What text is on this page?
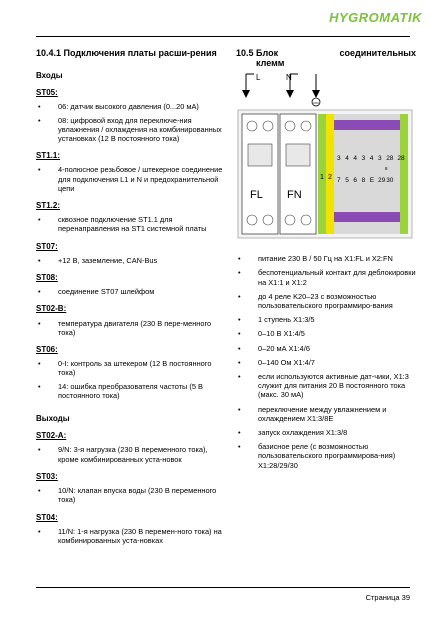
HYGROMATIK
10.4.1 Подключения платы расши-рения
Входы
ST05:
• 06: датчик высокого давления (0...20 мА)
• 08: цифровой вход для переключе-ния увлажнения / охлаждения на комбинированных установках (12 В постоянного тока)
ST1.1:
• 4-полюсное резьбовое / штекерное соединение для подключения L1 и N и предохранительной цепи
ST1.2:
• сквозное подключение ST1.1 для перенаправления на ST1 системной платы
ST07:
• +12 В, заземление, CAN-Bus
ST08:
• соединение ST07 шлейфом
ST02-B:
• температура двигателя (230 В пере-менного тока)
ST06:
• 0-I: контроль за штекером (12 В постоянного тока)
• 14: ошибка преобразователя частоты (5 В постоянного тока)
Выходы
ST02-A:
• 9/N: 3-я нагрузка (230 В переменного тока), кроме комбинированных уста-новок
ST03:
• 10/N: клапан впуска воды (230 В переменного тока)
ST04:
• 11/N: 1-я нагрузка (230 В перемен-ного тока) на комбинированных уста-новках
10.5 Блок	соединительных
клемм
L	N
FL FN
1 2
3 4 4 3 4 3 28 28
7 5 6 8 E 29 30
8
• питание 230 В / 50 Гц на X1:FL и X2:FN
• беспотенциальный контакт для деблокировки на X1:1 и X1:2
• до 4 реле K20–23 с возможностью пользовательского программиро-вания
• 1 ступень X1:3/5
• 0–10 В X1:4/5
• 0–20 мА X1:4/6
• 0–140 Ом X1:4/7
• если используются активные дат-чики, X1:3 служит для питания 20 В постоянного тока (макс. 30 мА)
• переключение между увлажнением и охлаждением X1:3/8E
• запуск охлаждения X1:3/8
• базисное реле (с возможностью пользовательского программирова-ния) X1:28/29/30
Страница 39
